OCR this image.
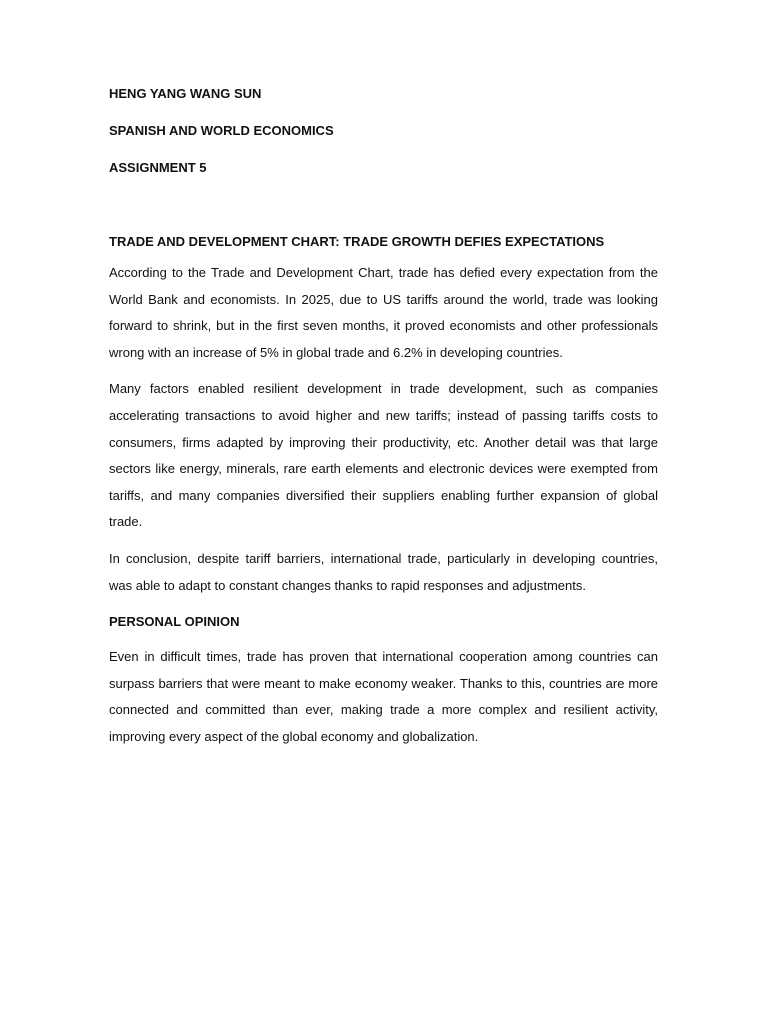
HENG YANG WANG SUN

SPANISH AND WORLD ECONOMICS

ASSIGNMENT 5

TRADE AND DEVELOPMENT CHART: TRADE GROWTH DEFIES EXPECTATIONS

According to the Trade and Development Chart, trade has defied every expectation from the World Bank and economists. In 2025, due to US tariffs around the world, trade was looking forward to shrink, but in the first seven months, it proved economists and other professionals wrong with an increase of 5% in global trade and 6.2% in developing countries.

Many factors enabled resilient development in trade development, such as companies accelerating transactions to avoid higher and new tariffs; instead of passing tariffs costs to consumers, firms adapted by improving their productivity, etc. Another detail was that large sectors like energy, minerals, rare earth elements and electronic devices were exempted from tariffs, and many companies diversified their suppliers enabling further expansion of global trade.

In conclusion, despite tariff barriers, international trade, particularly in developing countries, was able to adapt to constant changes thanks to rapid responses and adjustments.

PERSONAL OPINION

Even in difficult times, trade has proven that international cooperation among countries can surpass barriers that were meant to make economy weaker. Thanks to this, countries are more connected and committed than ever, making trade a more complex and resilient activity, improving every aspect of the global economy and globalization.
